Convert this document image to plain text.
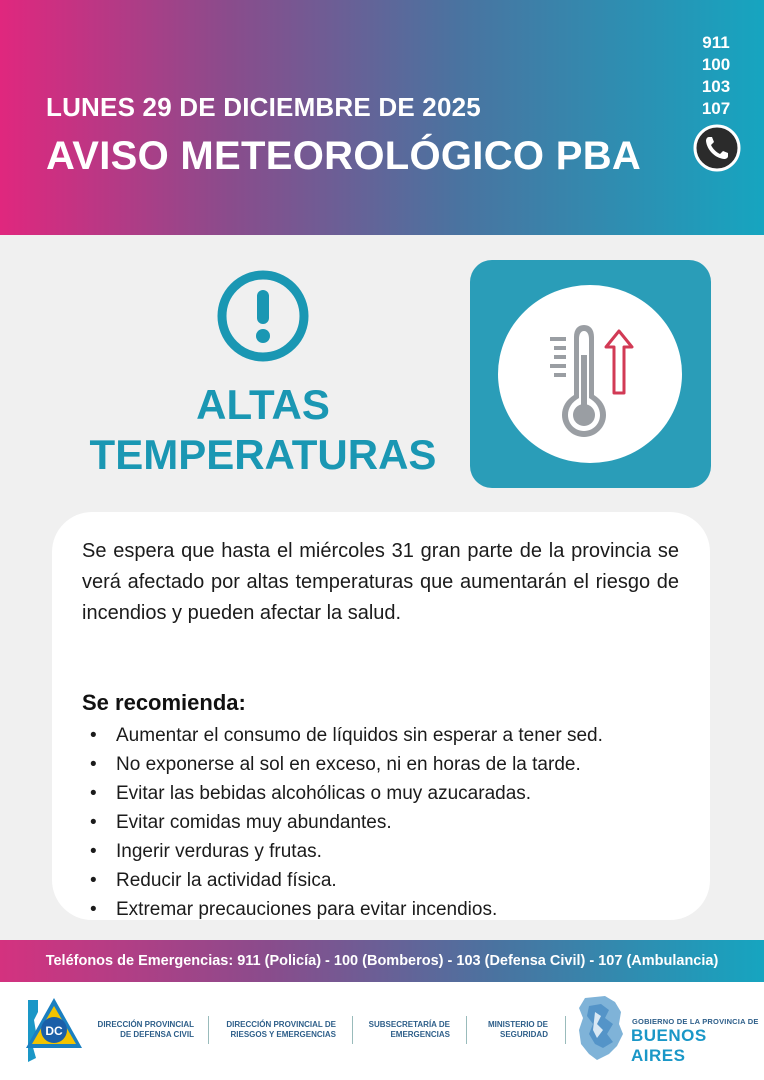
LUNES 29 DE DICIEMBRE DE 2025
AVISO METEOROLÓGICO PBA
911
100
103
107
ALTAS
TEMPERATURAS
Se espera que hasta el miércoles 31 gran parte de la provincia se verá afectado por altas temperaturas que aumentarán el riesgo de incendios y pueden afectar la salud.
Se recomienda:
• Aumentar el consumo de líquidos sin esperar a tener sed.
• No exponerse al sol en exceso, ni en horas de la tarde.
• Evitar las bebidas alcohólicas o muy azucaradas.
• Evitar comidas muy abundantes.
• Ingerir verduras y frutas.
• Reducir la actividad física.
• Extremar precauciones para evitar incendios.
Teléfonos de Emergencias: 911 (Policía) - 100 (Bomberos) - 103 (Defensa Civil) - 107 (Ambulancia)
DC	DIRECCIÓN PROVINCIAL
DE DEFENSA CIVIL
DIRECCIÓN PROVINCIAL DE
RIESGOS Y EMERGENCIAS
SUBSECRETARÍA DE
EMERGENCIAS
MINISTERIO DE
SEGURIDAD
GOBIERNO DE LA PROVINCIA DE
BUENOS AIRES
